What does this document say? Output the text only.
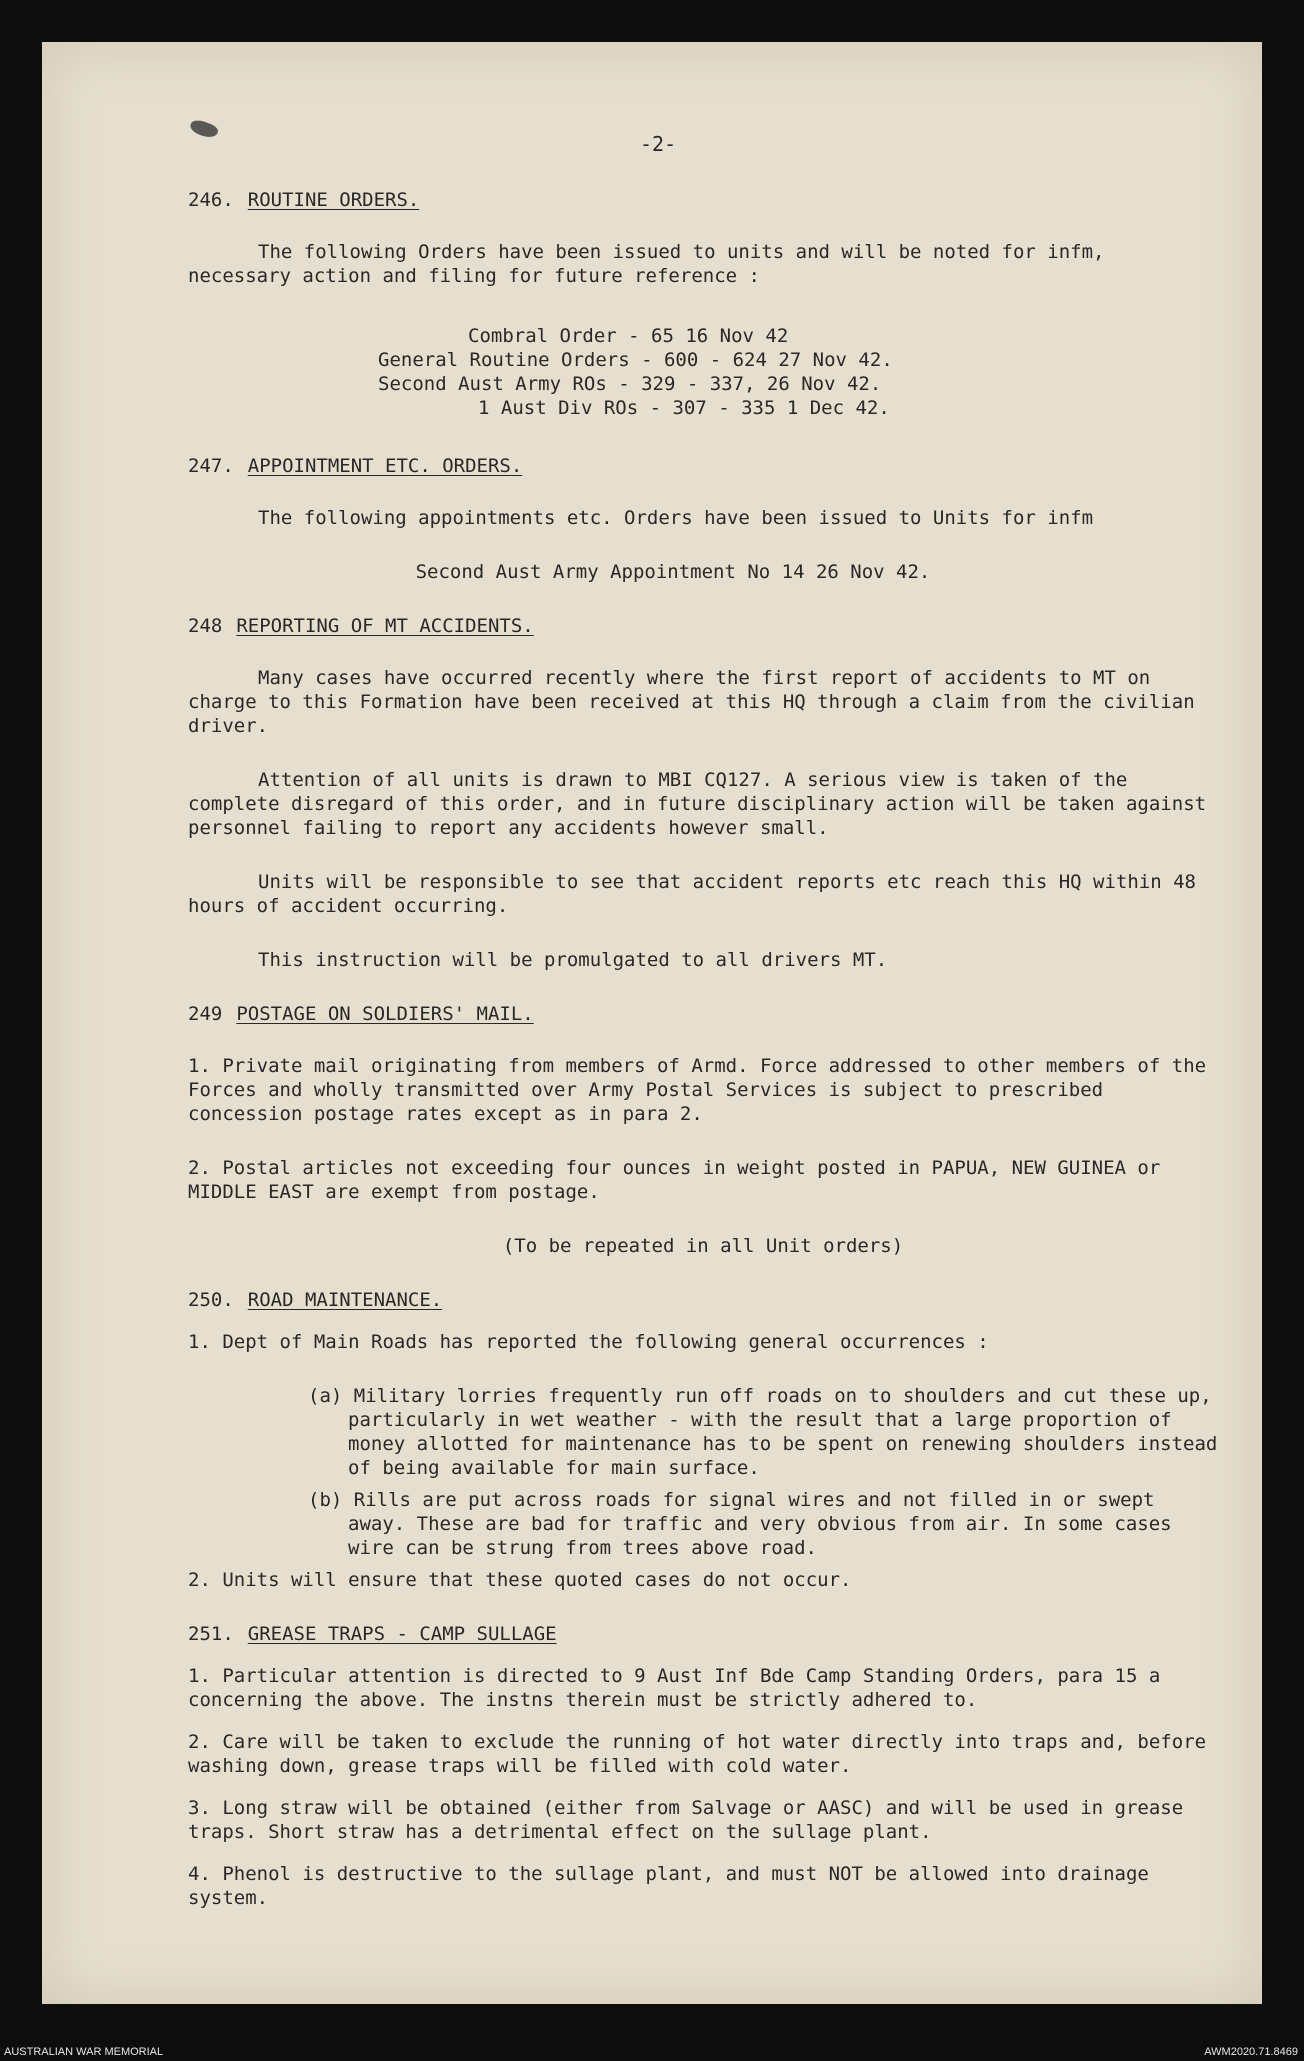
-2-
246. ROUTINE ORDERS.

The following Orders have been issued to units and will be noted for infm, necessary action and filing for future reference :

Combral Order - 65 16 Nov 42
General Routine Orders - 600 - 624 27 Nov 42.
Second Aust Army ROs - 329 - 337, 26 Nov 42.
1 Aust Div ROs - 307 - 335 1 Dec 42.
247. APPOINTMENT ETC. ORDERS.

The following appointments etc. Orders have been issued to Units for infm

Second Aust Army Appointment No 14 26 Nov 42.

248 REPORTING OF MT ACCIDENTS.

Many cases have occurred recently where the first report of accidents to MT on charge to this Formation have been received at this HQ through a claim from the civilian driver.

Attention of all units is drawn to MBI CQ127. A serious view is taken of the complete disregard of this order, and in future disciplinary action will be taken against personnel failing to report any accidents however small.

Units will be responsible to see that accident reports etc reach this HQ within 48 hours of accident occurring.

This instruction will be promulgated to all drivers MT.

249 POSTAGE ON SOLDIERS' MAIL.

1. Private mail originating from members of Armd. Force addressed to other members of the Forces and wholly transmitted over Army Postal Services is subject to prescribed concession postage rates except as in para 2.

2. Postal articles not exceeding four ounces in weight posted in PAPUA, NEW GUINEA or MIDDLE EAST are exempt from postage.

(To be repeated in all Unit orders)

250. ROAD MAINTENANCE.

1. Dept of Main Roads has reported the following general occurrences :

(a) Military lorries frequently run off roads on to shoulders and cut these up, particularly in wet weather - with the result that a large proportion of money allotted for maintenance has to be spent on renewing shoulders instead of being available for main surface.

(b) Rills are put across roads for signal wires and not filled in or swept away. These are bad for traffic and very obvious from air. In some cases wire can be strung from trees above road.

2. Units will ensure that these quoted cases do not occur.

251. GREASE TRAPS - CAMP SULLAGE

1. Particular attention is directed to 9 Aust Inf Bde Camp Standing Orders, para 15 a concerning the above. The instns therein must be strictly adhered to.

2. Care will be taken to exclude the running of hot water directly into traps and, before washing down, grease traps will be filled with cold water.

3. Long straw will be obtained (either from Salvage or AASC) and will be used in grease traps. Short straw has a detrimental effect on the sullage plant.

4. Phenol is destructive to the sullage plant, and must NOT be allowed into drainage system.

AUSTRALIAN WAR MEMORIAL	AWM2020.71.8469
